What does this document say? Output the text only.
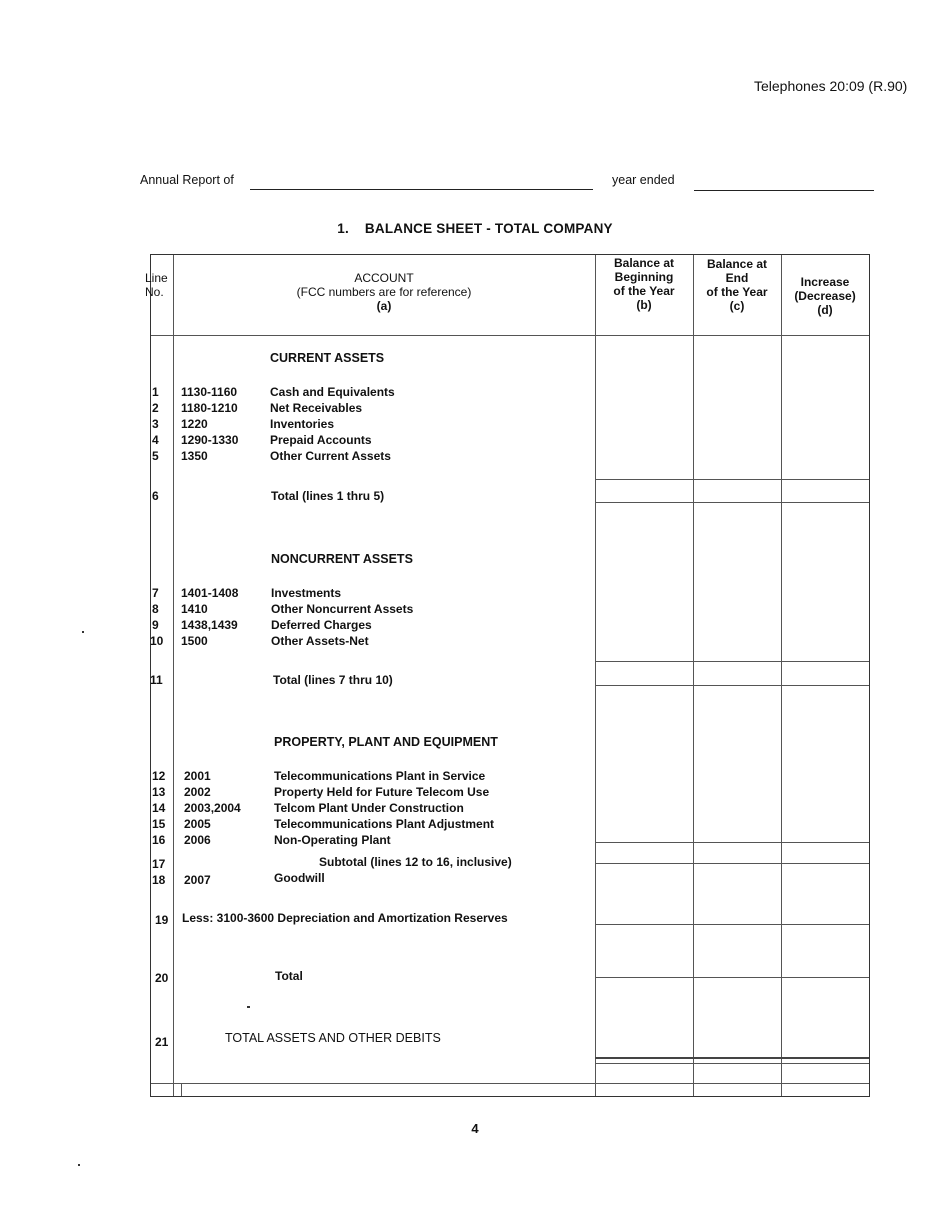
Telephones 20:09 (R.90)
Annual Report of	year ended
1. BALANCE SHEET - TOTAL COMPANY
Line
No.
ACCOUNT
(FCC numbers are for reference)
(a)
Balance at
Beginning
of the Year
(b)
Balance at
End
of the Year
(c)
Increase
(Decrease)
(d)
CURRENT ASSETS
NONCURRENT ASSETS
PROPERTY, PLANT AND EQUIPMENT
1
2
3
4
5
6
7
8
9
10
11
12
13
14
15
16
17
18
19
20
21
1130-1160
1180-1210
1220
1290-1330
1350
1401-1408
1410
1438,1439
1500
2001
2002
2003,2004
2005
2006
2007
Cash and Equivalents
Net Receivables
Inventories
Prepaid Accounts
Other Current Assets
Total (lines 1 thru 5)
Investments
Other Noncurrent Assets
Deferred Charges
Other Assets-Net
Total (lines 7 thru 10)
Telecommunications Plant in Service
Property Held for Future Telecom Use
Telcom Plant Under Construction
Telecommunications Plant Adjustment
Non-Operating Plant
Subtotal (lines 12 to 16, inclusive)
Goodwill
Less: 3100-3600 Depreciation and Amortization Reserves
Total
TOTAL ASSETS AND OTHER DEBITS
4
